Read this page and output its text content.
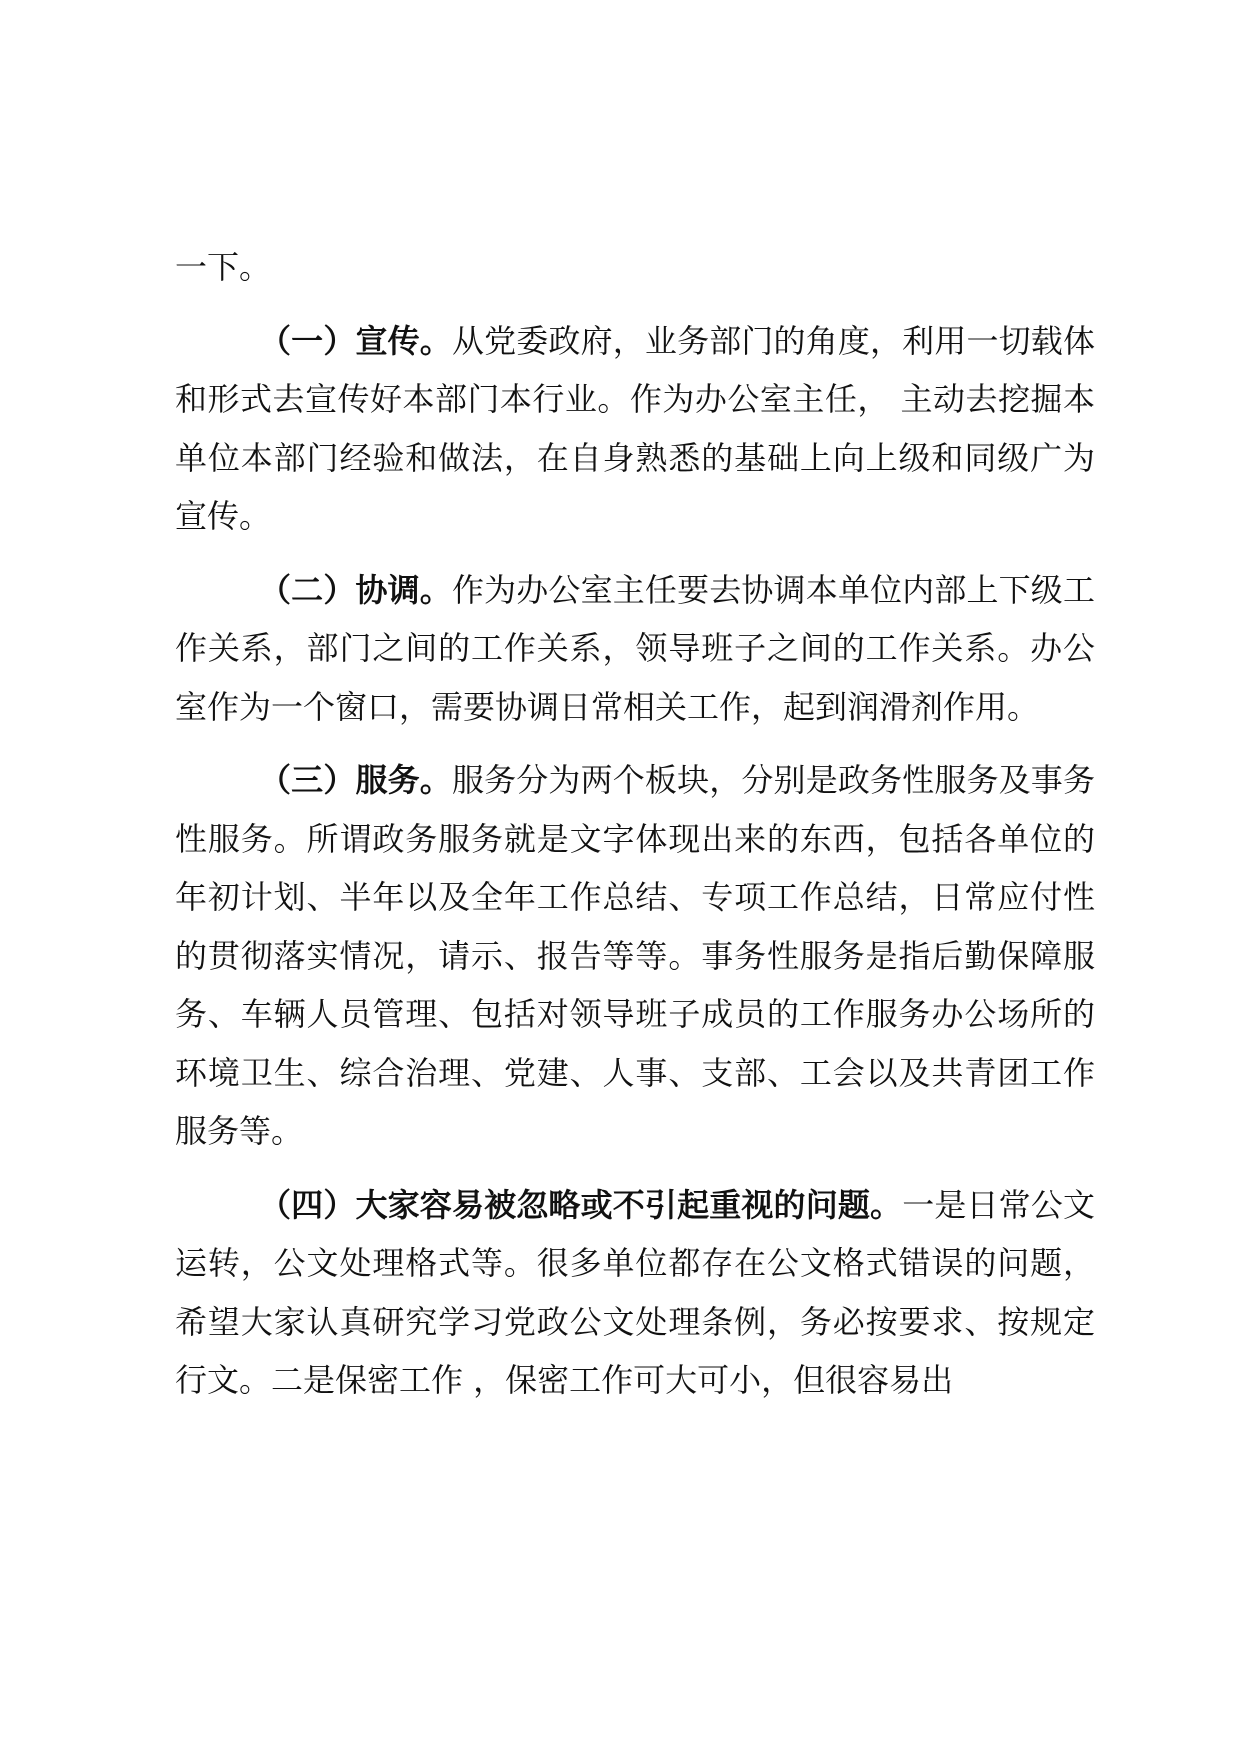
一下。

（一）宣传。从党委政府，业务部门的角度，利用一切载体和形式去宣传好本部门本行业。作为办公室主任， 主动去挖掘本单位本部门经验和做法，在自身熟悉的基础上向上级和同级广为宣传。

（二）协调。作为办公室主任要去协调本单位内部上下级工作关系，部门之间的工作关系，领导班子之间的工作关系。办公室作为一个窗口，需要协调日常相关工作，起到润滑剂作用。

（三）服务。服务分为两个板块，分别是政务性服务及事务性服务。所谓政务服务就是文字体现出来的东西，包括各单位的年初计划、半年以及全年工作总结、专项工作总结，日常应付性的贯彻落实情况，请示、报告等等。事务性服务是指后勤保障服务、车辆人员管理、包括对领导班子成员的工作服务办公场所的环境卫生、综合治理、党建、人事、支部、工会以及共青团工作服务等。

（四）大家容易被忽略或不引起重视的问题。一是日常公文运转，公文处理格式等。很多单位都存在公文格式错误的问题，希望大家认真研究学习党政公文处理条例，务必按要求、按规定行文。二是保密工作 ，保密工作可大可小，但很容易出
